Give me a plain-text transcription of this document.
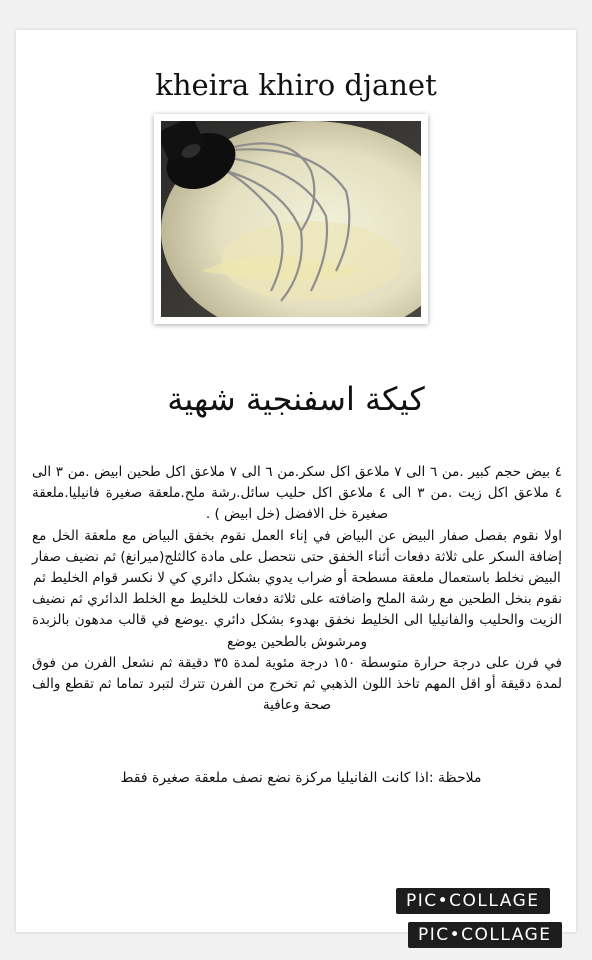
kheira khiro djanet
كيكة اسفنجية شهية

٤ بيض حجم كبير .من ٦ الى ٧ ملاعق اكل سكر.من ٦ الى ٧ ملاعق اكل طحين ابيض .من ٣ الى ٤ ملاعق اكل زيت .من ٣ الى ٤ ملاعق اكل حليب سائل.رشة ملح.ملعقة صغيرة فانيليا.ملعقة صغيرة خل الافضل (خل ابيض ) .

اولا نقوم بفصل صفار البيض عن البياض في إناء العمل نقوم بخفق البياض مع ملعقة الخل مع إضافة السكر على ثلاثة دفعات أثناء الخفق حتى نتحصل على مادة كالثلج(ميرانغ) ثم نضيف صفار البيض نخلط باستعمال ملعقة مسطحة أو ضراب يدوي بشكل دائري كي لا نكسر قوام الخليط ثم

نقوم بنخل الطحين مع رشة الملح واضافته على ثلاثة دفعات للخليط مع الخلط الدائري ثم نضيف الزيت والحليب والفانيليا الى الخليط نخفق بهدوء بشكل دائري .يوضع في قالب مدهون بالزبدة ومرشوش بالطحين يوضع

في فرن على درجة حرارة متوسطة ١٥٠ درجة مئوية لمدة ٣٥ دقيقة ثم نشعل الفرن من فوق لمدة دقيقة أو اقل المهم تاخذ اللون الذهبي ثم تخرج من الفرن تترك لتبرد تماما ثم تقطع والف صحة وعافية

ملاحظة :اذا كانت الفانيليا مركزة نضع نصف ملعقة صغيرة فقط
PIC•COLLAGE
PIC•COLLAGE
